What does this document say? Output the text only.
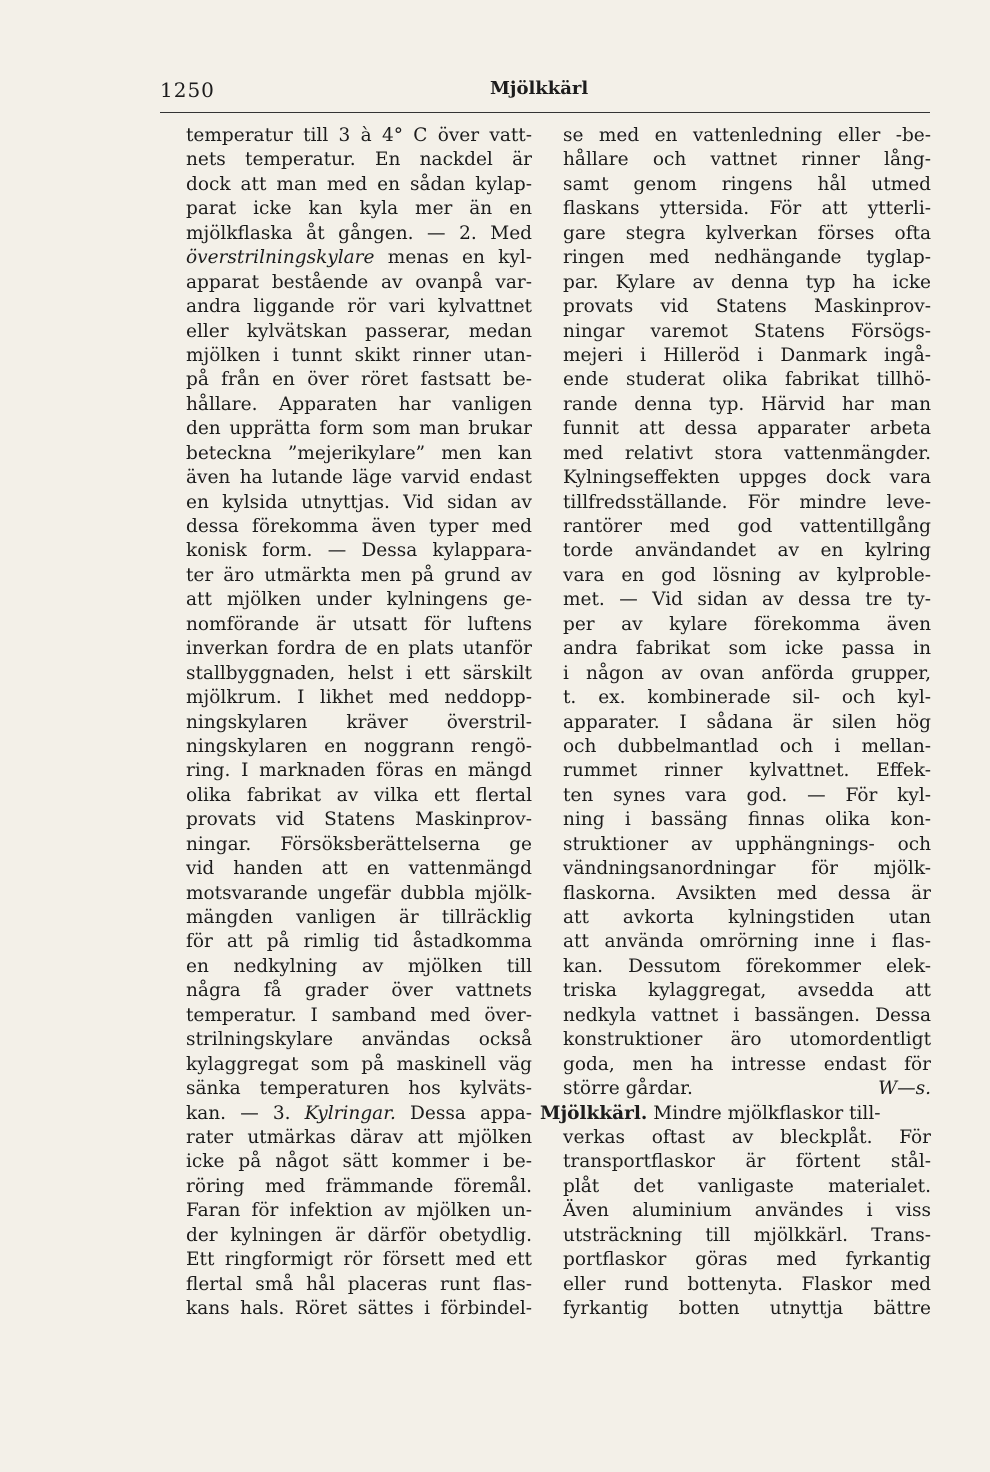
1250	Mjölkkärl
temperatur till 3 à 4° C över vatt-
nets temperatur. En nackdel är
dock att man med en sådan kylap-
parat icke kan kyla mer än en
mjölkflaska åt gången. — 2. Med
överstrilningskylare menas en kyl-
apparat bestående av ovanpå var-
andra liggande rör vari kylvattnet
eller kylvätskan passerar, medan
mjölken i tunnt skikt rinner utan-
på från en över röret fastsatt be-
hållare. Apparaten har vanligen
den upprätta form som man brukar
beteckna ”mejerikylare” men kan
även ha lutande läge varvid endast
en kylsida utnyttjas. Vid sidan av
dessa förekomma även typer med
konisk form. — Dessa kylappara-
ter äro utmärkta men på grund av
att mjölken under kylningens ge-
nomförande är utsatt för luftens
inverkan fordra de en plats utanför
stallbyggnaden, helst i ett särskilt
mjölkrum. I likhet med neddopp-
ningskylaren kräver överstril-
ningskylaren en noggrann rengö-
ring. I marknaden föras en mängd
olika fabrikat av vilka ett flertal
provats vid Statens Maskinprov-
ningar. Försöksberättelserna ge
vid handen att en vattenmängd
motsvarande ungefär dubbla mjölk-
mängden vanligen är tillräcklig
för att på rimlig tid åstadkomma
en nedkylning av mjölken till
några få grader över vattnets
temperatur. I samband med över-
strilningskylare användas också
kylaggregat som på maskinell väg
sänka temperaturen hos kylväts-
kan. — 3. Kylringar. Dessa appa-
rater utmärkas därav att mjölken
icke på något sätt kommer i be-
röring med främmande föremål.
Faran för infektion av mjölken un-
der kylningen är därför obetydlig.
Ett ringformigt rör försett med ett
flertal små hål placeras runt flas-
kans hals. Röret sättes i förbindel-
se med en vattenledning eller -be-
hållare och vattnet rinner lång-
samt genom ringens hål utmed
flaskans yttersida. För att ytterli-
gare stegra kylverkan förses ofta
ringen med nedhängande tyglap-
par. Kylare av denna typ ha icke
provats vid Statens Maskinprov-
ningar varemot Statens Försögs-
mejeri i Hilleröd i Danmark ingå-
ende studerat olika fabrikat tillhö-
rande denna typ. Härvid har man
funnit att dessa apparater arbeta
med relativt stora vattenmängder.
Kylningseffekten uppges dock vara
tillfredsställande. För mindre leve-
rantörer med god vattentillgång
torde användandet av en kylring
vara en god lösning av kylproble-
met. — Vid sidan av dessa tre ty-
per av kylare förekomma även
andra fabrikat som icke passa in
i någon av ovan anförda grupper,
t. ex. kombinerade sil- och kyl-
apparater. I sådana är silen hög
och dubbelmantlad och i mellan-
rummet rinner kylvattnet. Effek-
ten synes vara god. — För kyl-
ning i bassäng finnas olika kon-
struktioner av upphängnings- och
vändningsanordningar för mjölk-
flaskorna. Avsikten med dessa är
att avkorta kylningstiden utan
att använda omrörning inne i flas-
kan. Dessutom förekommer elek-
triska kylaggregat, avsedda att
nedkyla vattnet i bassängen. Dessa
konstruktioner äro utomordentligt
goda, men ha intresse endast för
större gårdar.	W—s.
Mjölkkärl. Mindre mjölkflaskor till-
verkas oftast av bleckplåt. För
transportflaskor är förtent stål-
plåt det vanligaste materialet.
Även aluminium användes i viss
utsträckning till mjölkkärl. Trans-
portflaskor göras med fyrkantig
eller rund bottenyta. Flaskor med
fyrkantig botten utnyttja bättre
